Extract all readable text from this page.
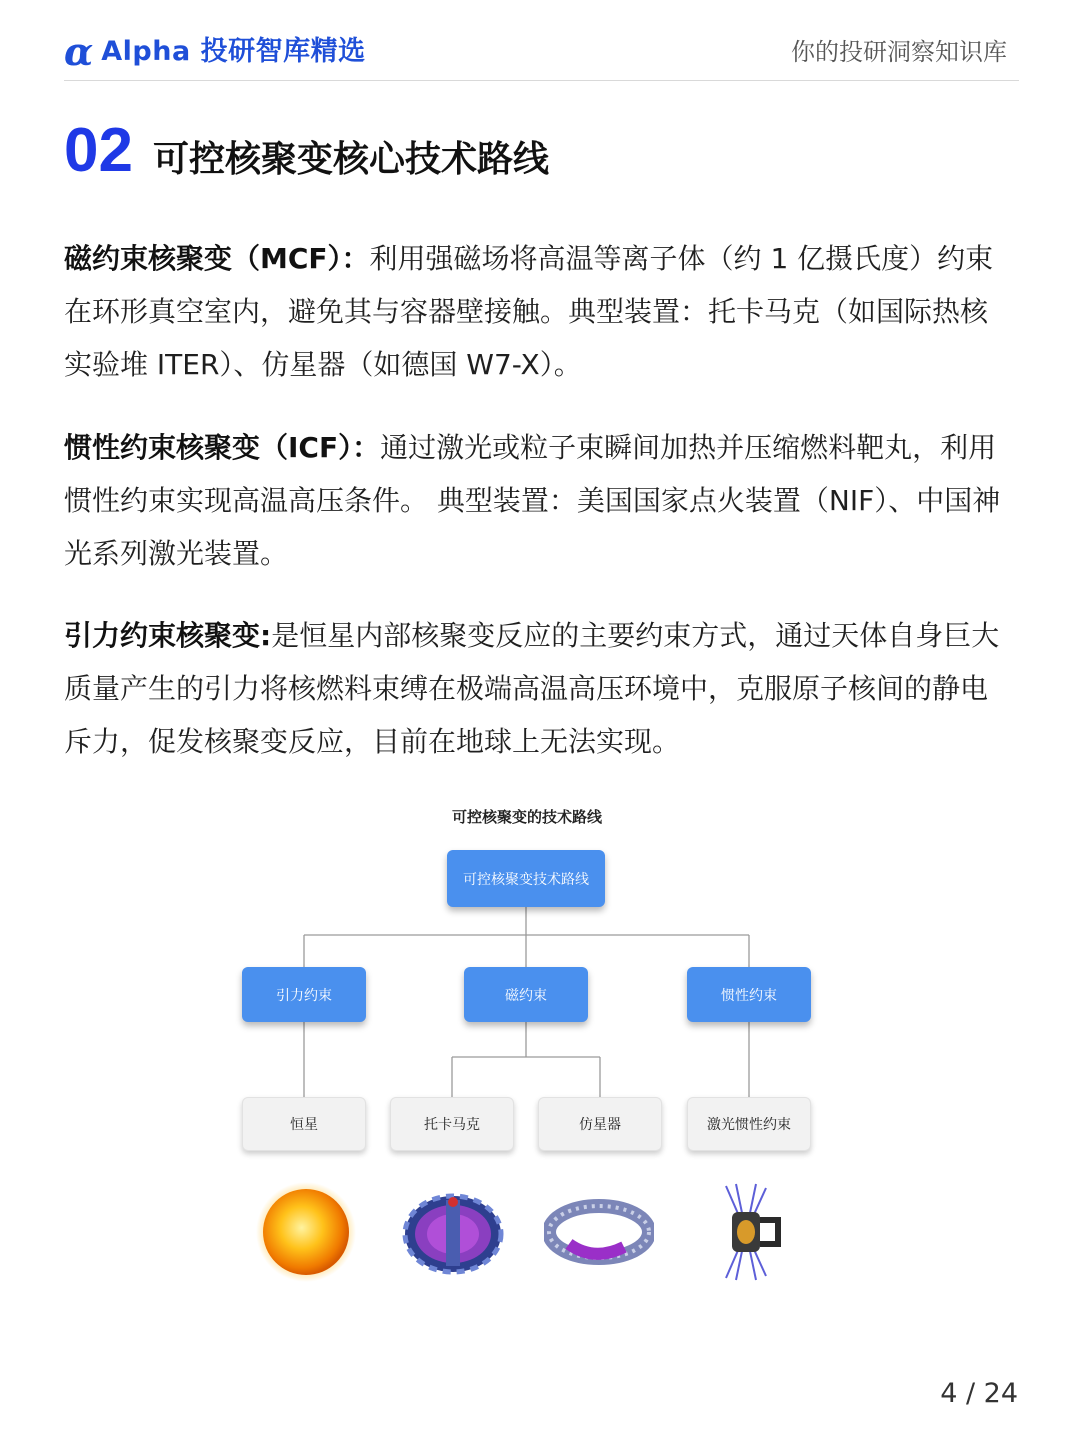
α Alpha 投研智库精选	你的投研洞察知识库
02 可控核聚变核心技术路线

磁约束核聚变（MCF）：利用强磁场将高温等离子体（约 1 亿摄氏度）约束在环形真空室内，避免其与容器壁接触。典型装置：托卡马克（如国际热核实验堆 ITER）、仿星器（如德国 W7-X）。

惯性约束核聚变（ICF）：通过激光或粒子束瞬间加热并压缩燃料靶丸，利用惯性约束实现高温高压条件。 典型装置：美国国家点火装置（NIF）、中国神光系列激光装置。

引力约束核聚变:是恒星内部核聚变反应的主要约束方式，通过天体自身巨大质量产生的引力将核燃料束缚在极端高温高压环境中，克服原子核间的静电斥力，促发核聚变反应，目前在地球上无法实现。

可控核聚变的技术路线
可控核聚变技术路线
引力约束	磁约束	惯性约束
恒星	托卡马克	仿星器	激光惯性约束
4 / 24
